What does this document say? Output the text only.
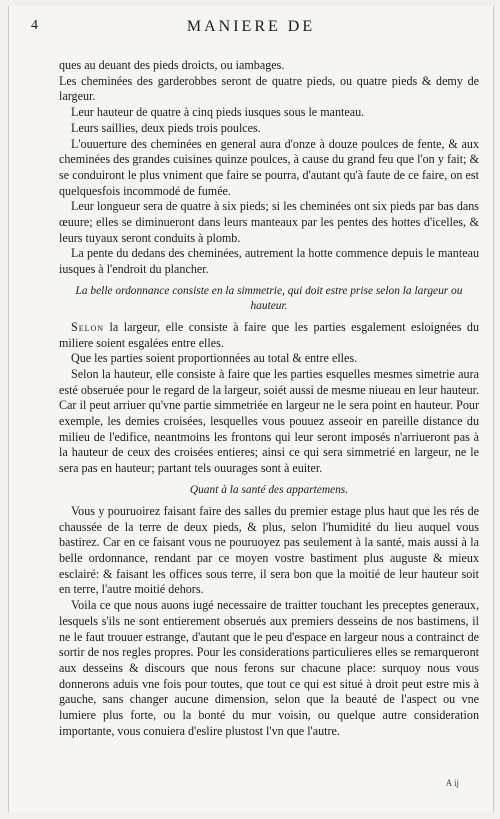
4	MANIERE DE

ques au deuant des pieds droicts, ou iambages.

Les cheminées des garderobbes seront de quatre pieds, ou quatre pieds & demy de largeur.

Leur hauteur de quatre à cinq pieds iusques sous le manteau.

Leurs saillies, deux pieds trois poulces.

L'ouuerture des cheminées en general aura d'onze à douze poulces de fente, & aux cheminées des grandes cuisines quinze poulces, à cause du grand feu que l'on y fait; & se conduiront le plus vniment que faire se pourra, d'autant qu'à faute de ce faire, on est quelquesfois incommodé de fumée.

Leur longueur sera de quatre à six pieds; si les cheminées ont six pieds par bas dans œuure; elles se diminueront dans leurs manteaux par les pentes des hottes d'icelles, & leurs tuyaux seront conduits à plomb.

La pente du dedans des cheminées, autrement la hotte commence depuis le manteau iusques à l'endroit du plancher.

La belle ordonnance consiste en la simmetrie, qui doit estre prise selon la largeur ou hauteur.

Selon la largeur, elle consiste à faire que les parties esgalement esloignées du miliere soient esgalées entre elles.

Que les parties soient proportionnées au total & entre elles.

Selon la hauteur, elle consiste à faire que les parties esquelles mesmes simetrie aura esté obseruée pour le regard de la largeur, soiét aussi de mesme niueau en leur hauteur. Car il peut arriuer qu'vne partie simmetriée en largeur ne le sera point en hauteur. Pour exemple, les demies croisées, lesquelles vous pouuez asseoir en pareille distance du milieu de l'edifice, neantmoins les frontons qui leur seront imposés n'arriueront pas à la hauteur de ceux des croisées entieres; ainsi ce qui sera simmetrié en largeur, ne le sera pas en hauteur; partant tels ouurages sont à euiter.

Quant à la santé des appartemens.

Vous y pouruoirez faisant faire des salles du premier estage plus haut que les rés de chaussée de la terre de deux pieds, & plus, selon l'humidité du lieu auquel vous bastirez. Car en ce faisant vous ne pouruoyez pas seulement à la santé, mais aussi à la belle ordonnance, rendant par ce moyen vostre bastiment plus auguste & mieux esclairé: & faisant les offices sous terre, il sera bon que la moitié de leur hauteur soit en terre, l'autre moitié dehors.

Voila ce que nous auons iugé necessaire de traitter touchant les preceptes generaux, lesquels s'ils ne sont entierement obserués aux premiers desseins de nos bastimens, il ne le faut trouuer estrange, d'autant que le peu d'espace en largeur nous a contrainct de sortir de nos regles propres. Pour les considerations particulieres elles se remarqueront aux desseins & discours que nous ferons sur chacune place: surquoy nous vous donnerons aduis vne fois pour toutes, que tout ce qui est situé à droit peut estre mis à gauche, sans changer aucune dimension, selon que la beauté de l'aspect ou vne lumiere plus forte, ou la bonté du mur voisin, ou quelque autre consideration importante, vous conuiera d'eslire plustost l'vn que l'autre.

A ij
